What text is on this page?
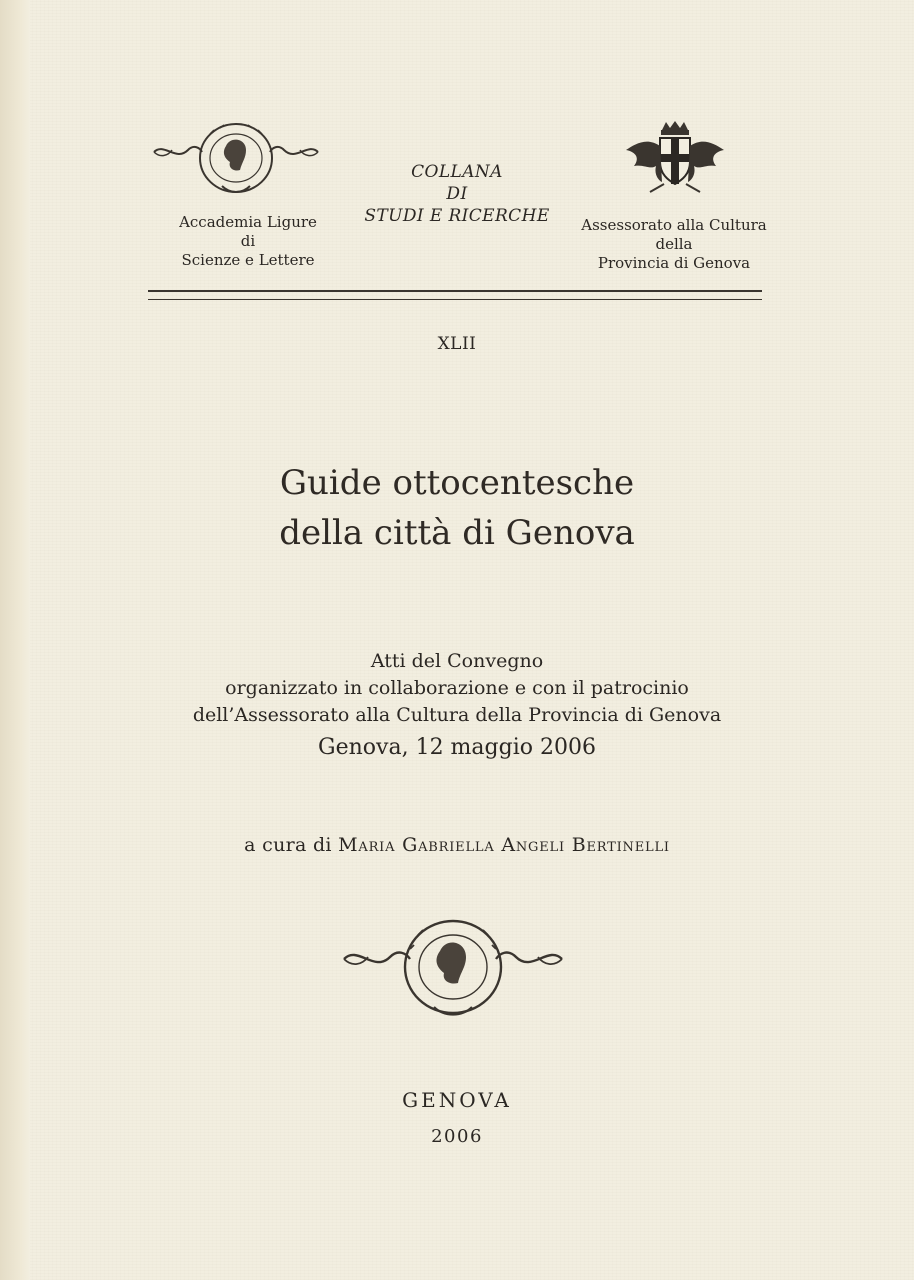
Accademia Ligure
di
Scienze e Lettere
COLLANA
DI
STUDI E RICERCHE	Assessorato alla Cultura
della
Provincia di Genova
XLII
Guide ottocentesche
della città di Genova
Atti del Convegno
organizzato in collaborazione e con il patrocinio
dell’Assessorato alla Cultura della Provincia di Genova
Genova, 12 maggio 2006
a cura di Maria Gabriella Angeli Bertinelli
GENOVA
2006
